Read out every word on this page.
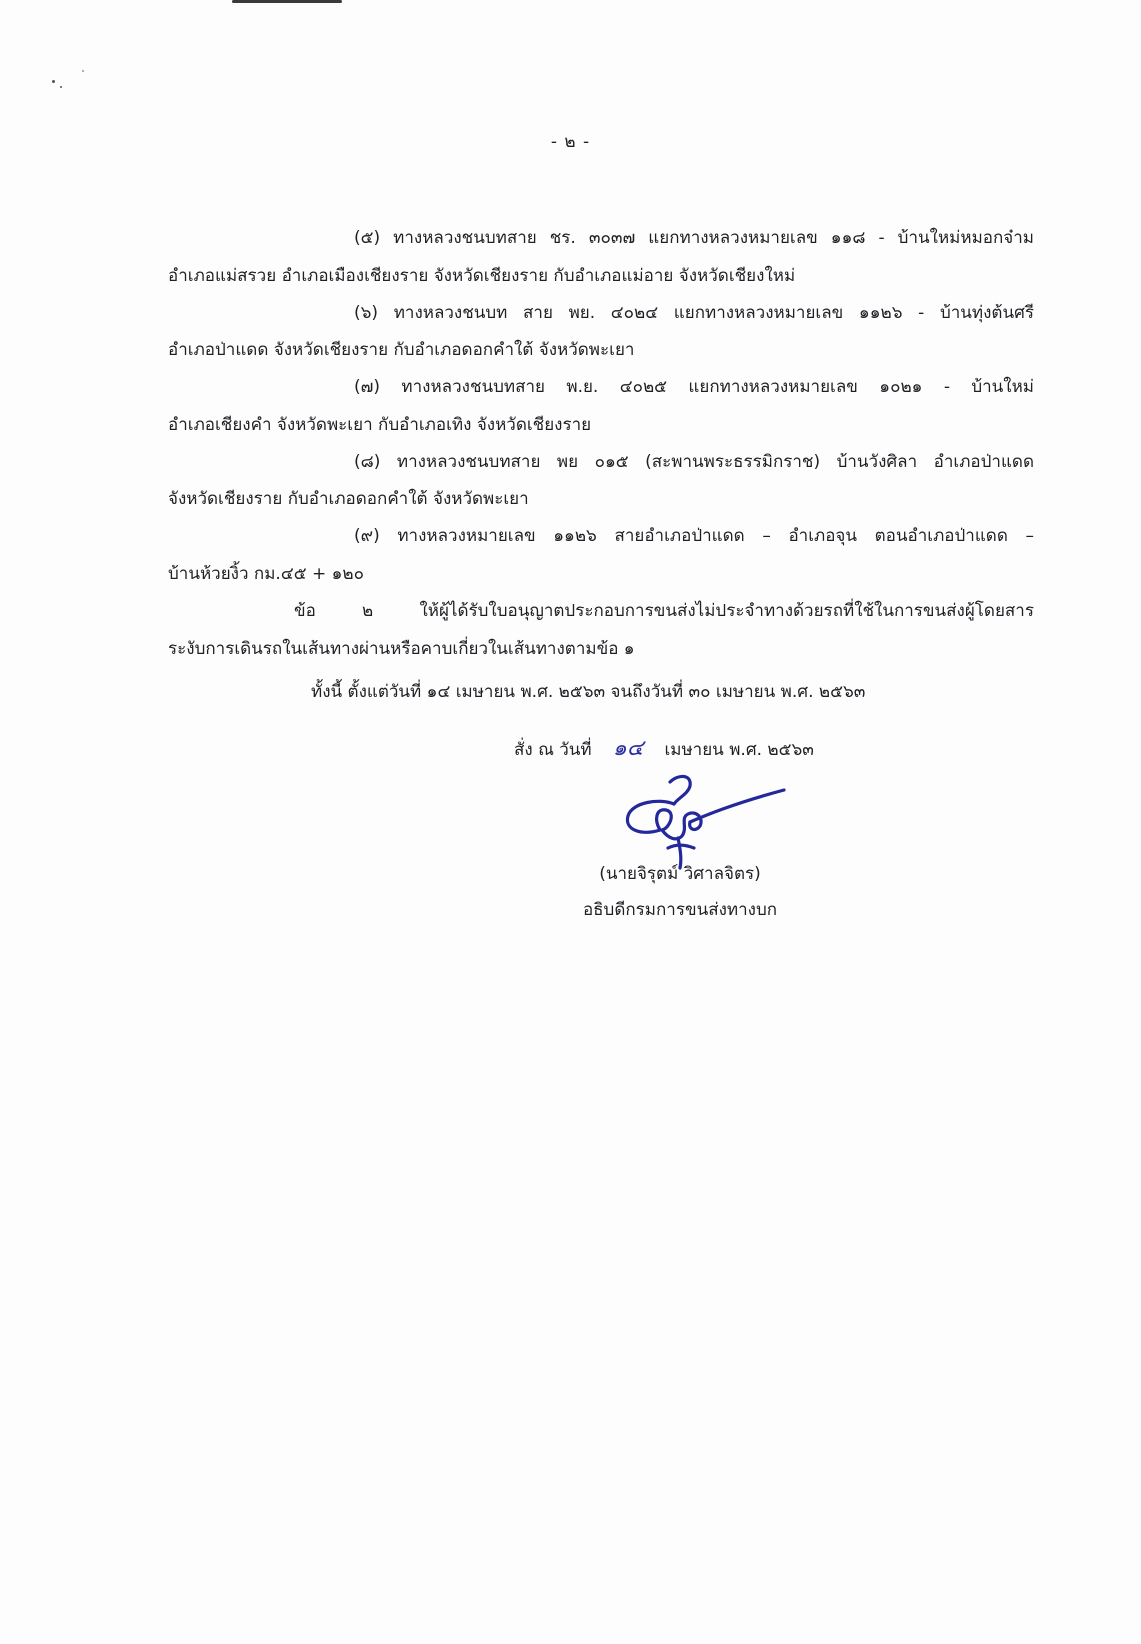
- ๒ -
(๕) ทางหลวงชนบทสาย ชร. ๓๐๓๗ แยกทางหลวงหมายเลข ๑๑๘ - บ้านใหม่หมอกจ๋าม
อำเภอแม่สรวย อำเภอเมืองเชียงราย จังหวัดเชียงราย กับอำเภอแม่อาย จังหวัดเชียงใหม่
(๖) ทางหลวงชนบท สาย พย. ๔๐๒๔ แยกทางหลวงหมายเลข ๑๑๒๖ - บ้านทุ่งต้นศรี
อำเภอป่าแดด จังหวัดเชียงราย กับอำเภอดอกคำใต้ จังหวัดพะเยา
(๗) ทางหลวงชนบทสาย พ.ย. ๔๐๒๕ แยกทางหลวงหมายเลข ๑๐๒๑ - บ้านใหม่
อำเภอเชียงคำ จังหวัดพะเยา กับอำเภอเทิง จังหวัดเชียงราย
(๘) ทางหลวงชนบทสาย พย ๐๑๕ (สะพานพระธรรมิกราช) บ้านวังศิลา อำเภอป่าแดด
จังหวัดเชียงราย กับอำเภอดอกคำใต้ จังหวัดพะเยา
(๙) ทางหลวงหมายเลข ๑๑๒๖ สายอำเภอป่าแดด – อำเภอจุน ตอนอำเภอป่าแดด –
บ้านห้วยงิ้ว กม.๔๕ + ๑๒๐
ข้อ ๒ ให้ผู้ได้รับใบอนุญาตประกอบการขนส่งไม่ประจำทางด้วยรถที่ใช้ในการขนส่งผู้โดยสาร
ระงับการเดินรถในเส้นทางผ่านหรือคาบเกี่ยวในเส้นทางตามข้อ ๑
ทั้งนี้ ตั้งแต่วันที่ ๑๔ เมษายน พ.ศ. ๒๕๖๓ จนถึงวันที่ ๓๐ เมษายน พ.ศ. ๒๕๖๓
สั่ง ณ วันที่ ๑๔ เมษายน พ.ศ. ๒๕๖๓
(นายจิรุตม์ วิศาลจิตร)
อธิบดีกรมการขนส่งทางบก
